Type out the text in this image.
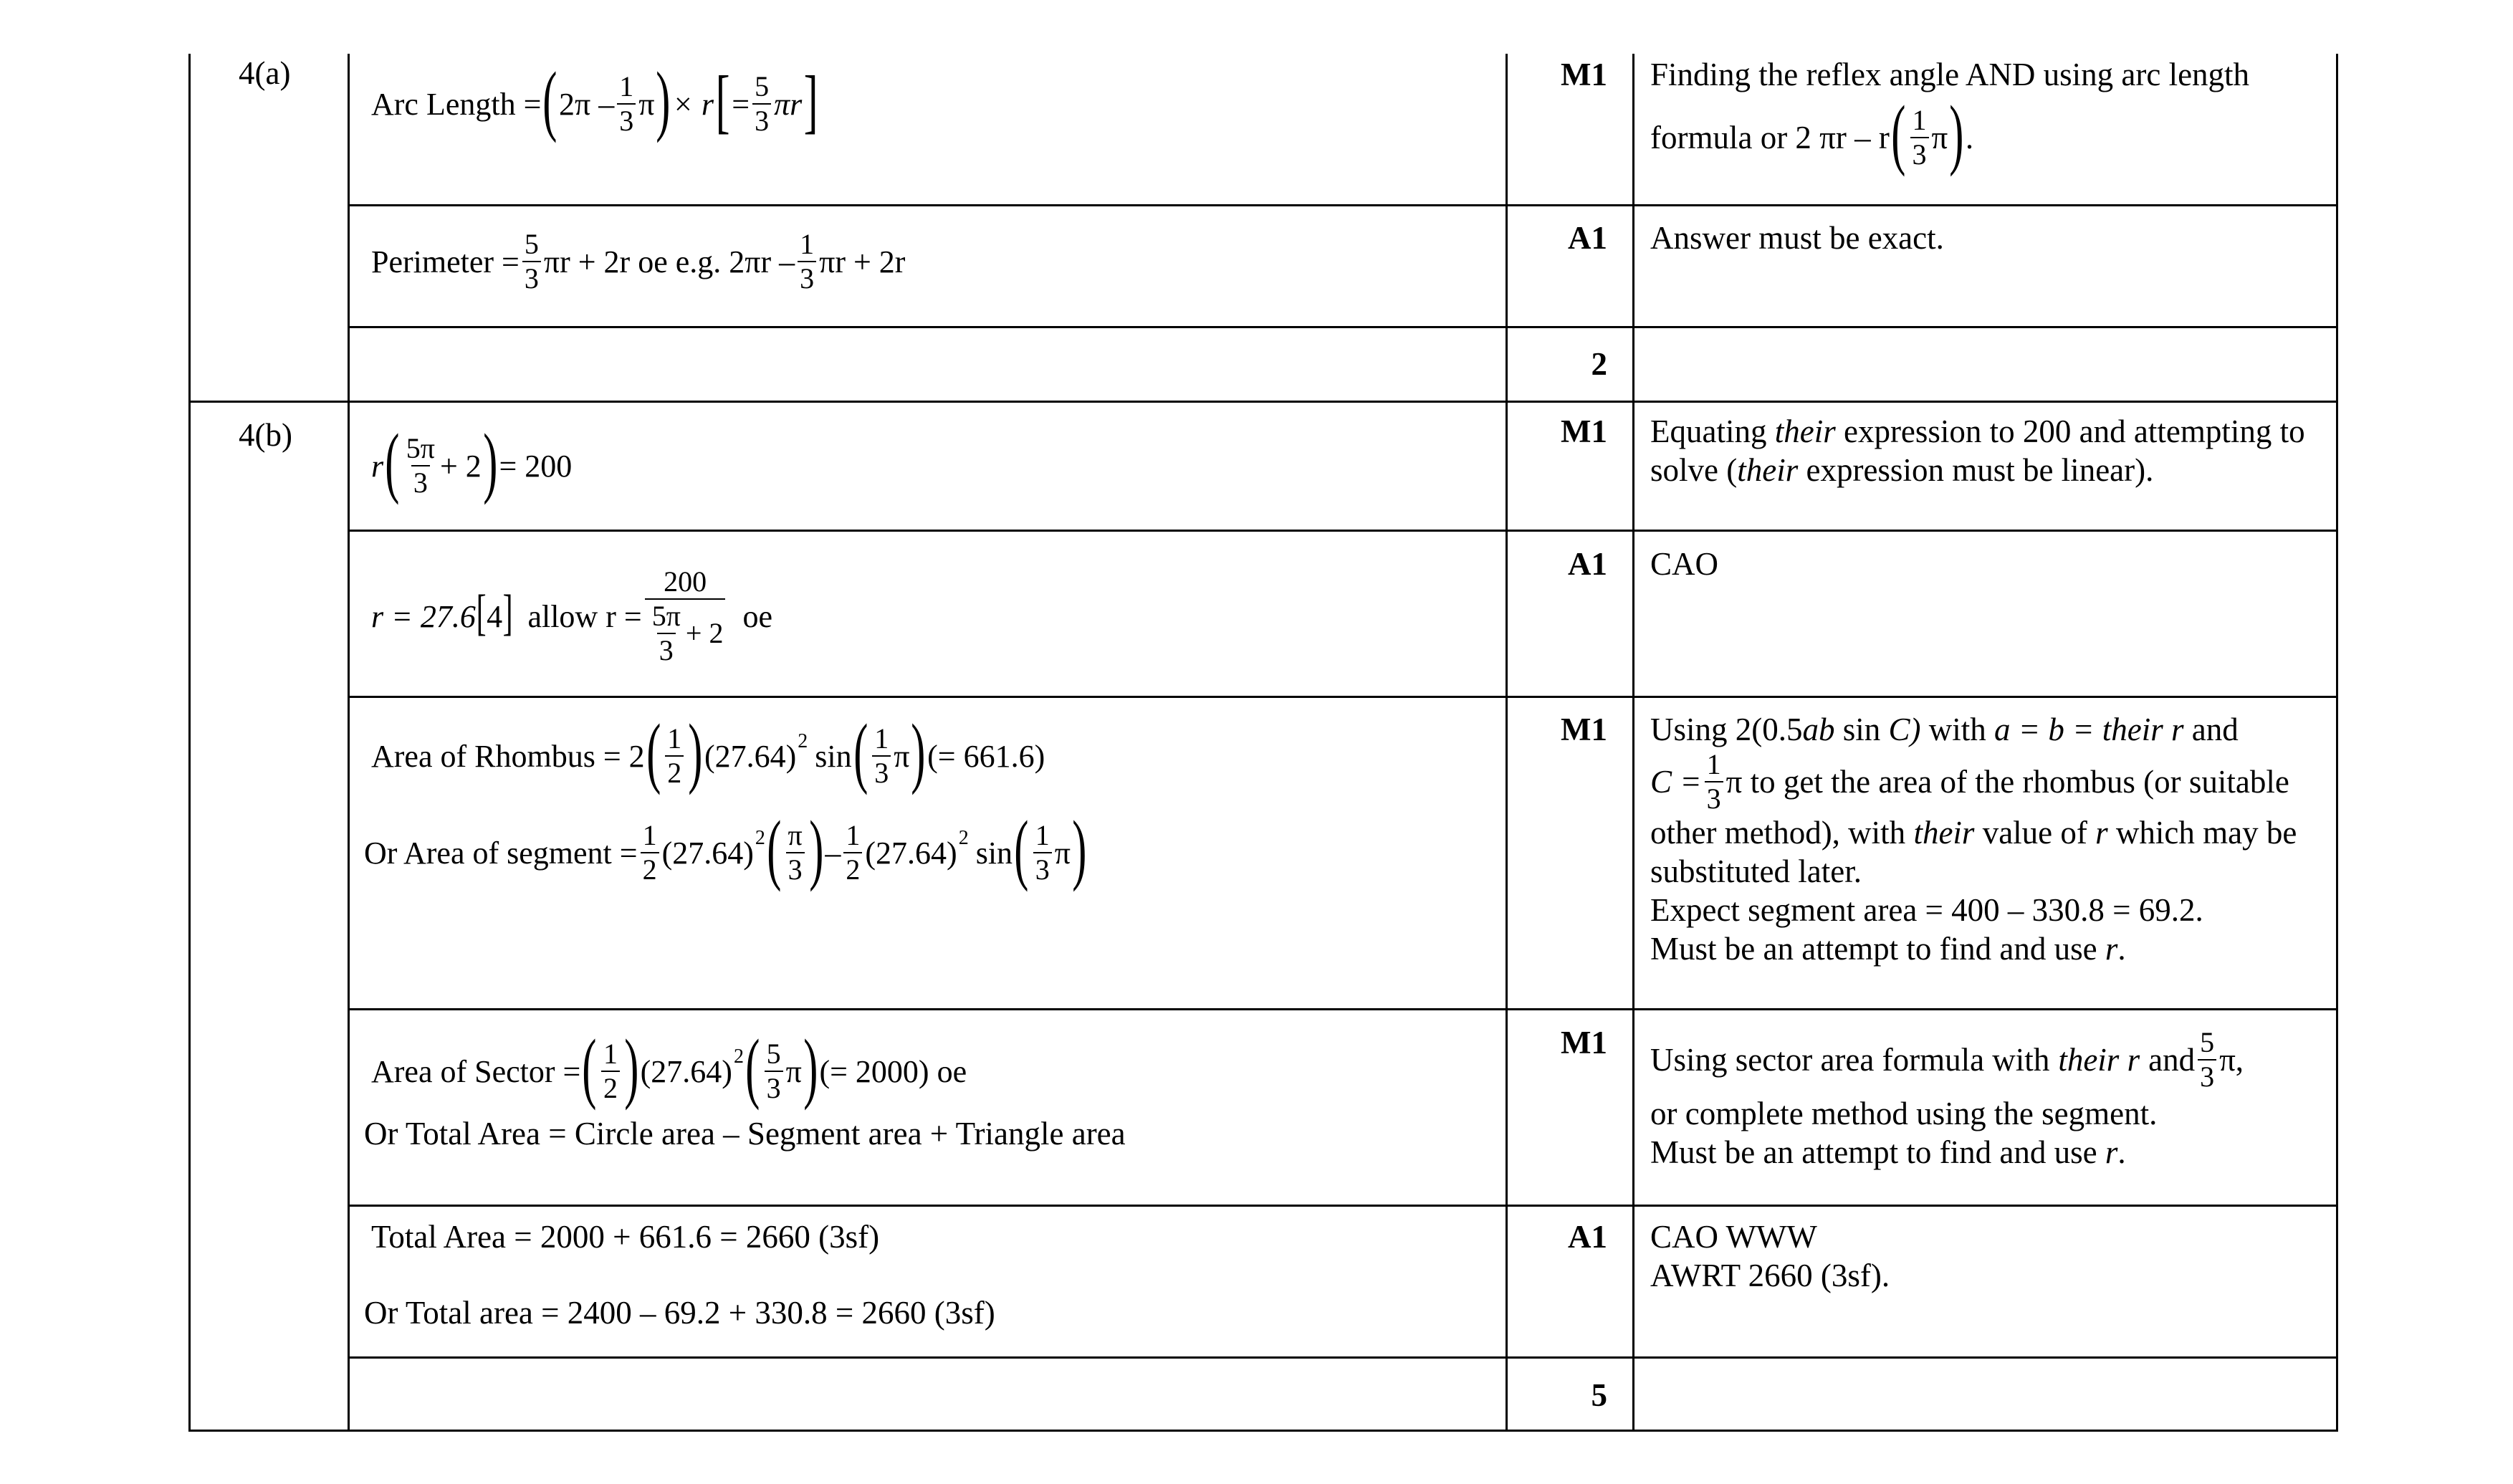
4(a)
Arc Length = ( $2\pi - \frac{1}{3}$ π ) × r [ = $\frac{5}{3}$ πr ]	M1 Finding the reflex angle AND using arc length
formula or 2 πr – r ( $\frac{1}{3}$ π ) .
Perimeter = $\frac{5}{3}$ πr + 2r oe e.g. $2\pi r - \frac{1}{3}$ πr + 2r
A1 Answer must be exact.
2
4(b)
r ( $\frac{5\pi}{3} + 2$ ) = 200
M1 Equating their expression to 200 and attempting to
solve (their expression must be linear).
r = 27.6 [ 4 ] allow $r = \frac{200}{\frac{5\pi}{3} + 2}$ oe
A1 CAO
Area of Rhombus = 2 ( $\frac{1}{2}$ ) (27.64) 2 sin ( $\frac{1}{3}$ π ) (= 661.6)
Or Area of segment = $\frac{1}{2} (27.64)$ 2 ( $\frac{\pi}{3}$ ) – $\frac{1}{2} (27.64)$ 2 sin ( $\frac{1}{3}$ π )
M1 Using 2(0.5ab sin C) with a = b = their r and
$C = \frac{1}{3}$ π to get the area of the rhombus (or suitable
other method), with their value of r which may be
substituted later.
Expect segment area = 400 – 330.8 = 69.2.
Must be an attempt to find and use r.
Area of Sector = ( $\frac{1}{2}$ ) (27.64) 2 ( $\frac{5}{3}$ π ) (= 2000) oe
Or Total Area = Circle area – Segment area + Triangle area
M1 Using sector area formula with their r and $\frac{5}{3} \pi$,
or complete method using the segment.
Must be an attempt to find and use r.
Total Area = 2000 + 661.6 = 2660 (3sf)
Or Total area = 2400 – 69.2 + 330.8 = 2660 (3sf)
A1 CAO WWW
AWRT 2660 (3sf).
5
